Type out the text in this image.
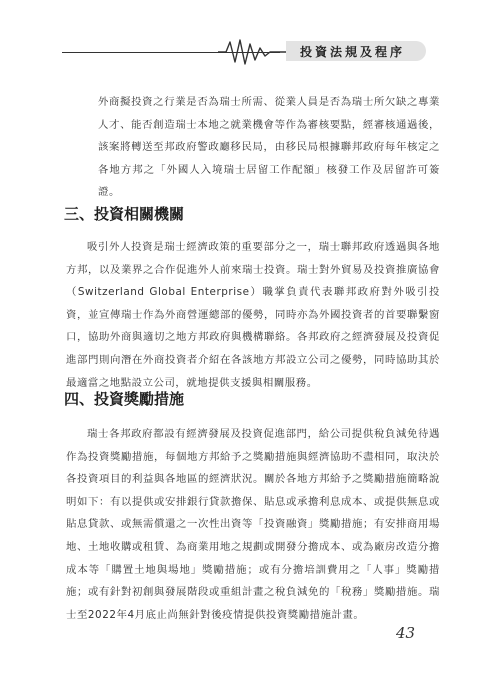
投資法規及程序

外商擬投資之行業是否為瑞士所需、從業人員是否為瑞士所欠缺之專業人才、能否創造瑞士本地之就業機會等作為審核要點，經審核通過後，該案將轉送至邦政府警政廳移民局，由移民局根據聯邦政府每年核定之各地方邦之「外國人入境瑞士居留工作配額」核發工作及居留許可簽證。

三、投資相關機關

吸引外人投資是瑞士經濟政策的重要部分之一，瑞士聯邦政府透過與各地方邦，以及業界之合作促進外人前來瑞士投資。瑞士對外貿易及投資推廣協會（Switzerland Global Enterprise）職掌負責代表聯邦政府對外吸引投資，並宣傳瑞士作為外商營運總部的優勢，同時亦為外國投資者的首要聯繫窗口，協助外商與適切之地方邦政府與機構聯絡。各邦政府之經濟發展及投資促進部門則向潛在外商投資者介紹在各該地方邦設立公司之優勢，同時協助其於最適當之地點設立公司，就地提供支援與相關服務。

四、投資獎勵措施

瑞士各邦政府都設有經濟發展及投資促進部門，給公司提供稅負減免待遇作為投資獎勵措施，每個地方邦給予之獎勵措施與經濟協助不盡相同，取決於各投資項目的利益與各地區的經濟狀況。關於各地方邦給予之獎勵措施簡略說明如下：有以提供或安排銀行貸款擔保、貼息或承擔利息成本、或提供無息或貼息貸款、或無需償還之一次性出資等「投資融資」獎勵措施；有安排商用場地、土地收購或租賃、為商業用地之規劃或開發分擔成本、或為廠房改造分擔成本等「購置土地與場地」獎勵措施；或有分擔培訓費用之「人事」獎勵措施；或有針對初創與發展階段或重組計畫之稅負減免的「稅務」獎勵措施。瑞士至2022年4月底止尚無針對後疫情提供投資獎勵措施計畫。

43
